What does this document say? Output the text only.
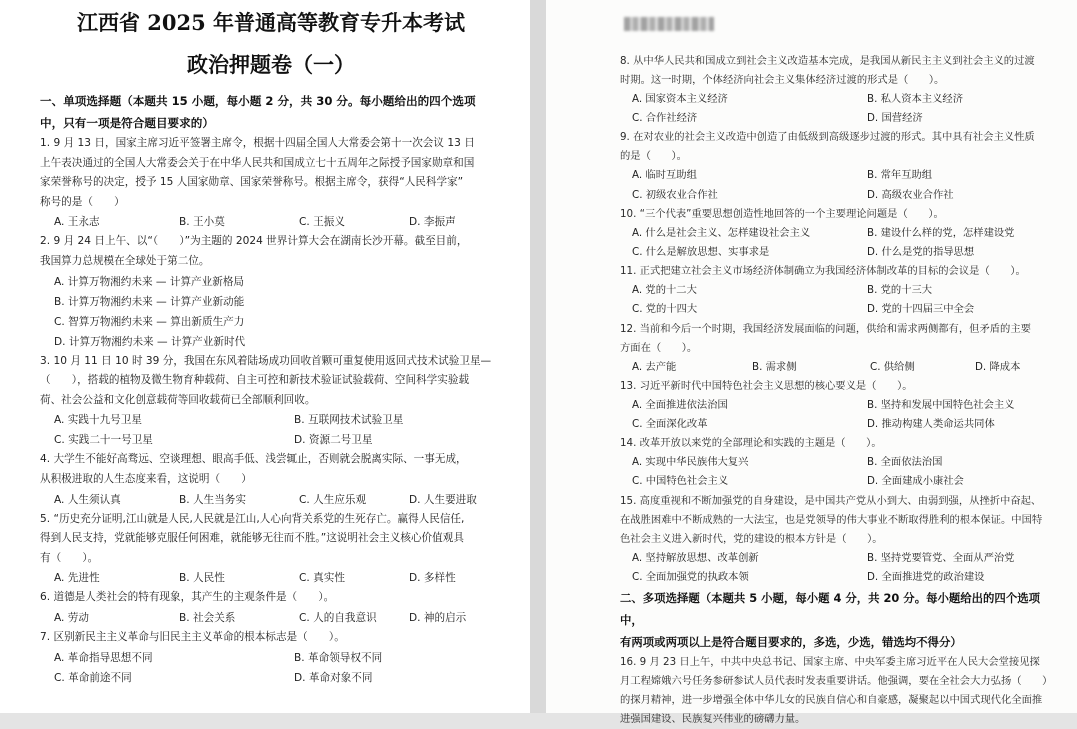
江西省 2025 年普通高等教育专升本考试
政治押题卷（一）
一、单项选择题（本题共 15 小题，每小题 2 分，共 30 分。每小题给出的四个选项
中，只有一项是符合题目要求的）
1. 9 月 13 日，国家主席习近平签署主席令，根据十四届全国人大常委会第十一次会议 13 日
上午表决通过的全国人大常委会关于在中华人民共和国成立七十五周年之际授予国家勋章和国
家荣誉称号的决定，授予 15 人国家勋章、国家荣誉称号。根据主席令，获得“人民科学家”
称号的是（　　）
A. 王永志	B. 王小莫	C. 王振义	D. 李振声
2. 9 月 24 日上午、以“（　　）”为主题的 2024 世界计算大会在湖南长沙开幕。截至目前，
我国算力总规模在全球处于第二位。
A. 计算万物湘约未来 — 计算产业新格局
B. 计算万物湘约未来 — 计算产业新动能
C. 智算万物湘约未来 — 算出新质生产力
D. 计算万物湘约未来 — 计算产业新时代
3. 10 月 11 日 10 时 39 分，我国在东风着陆场成功回收首颗可重复使用返回式技术试验卫星—
（　　），搭载的植物及微生物育种载荷、自主可控和新技术验证试验载荷、空间科学实验载
荷、社会公益和文化创意载荷等回收载荷已全部顺利回收。
A. 实践十九号卫星	B. 互联网技术试验卫星
C. 实践二十一号卫星	D. 资源二号卫星
4. 大学生不能好高骛远、空谈理想、眼高手低、浅尝辄止，否则就会脱离实际、一事无成，
从积极进取的人生态度来看，这说明（　　）
A. 人生须认真	B. 人生当务实	C. 人生应乐观	D. 人生要进取
5. “历史充分证明,江山就是人民,人民就是江山,人心向背关系党的生死存亡。赢得人民信任,
得到人民支持，党就能够克服任何困难，就能够无往而不胜。”这说明社会主义核心价值观具
有（　　）。
A. 先进性	B. 人民性	C. 真实性	D. 多样性
6. 道德是人类社会的特有现象，其产生的主观条件是（　　）。
A. 劳动	B. 社会关系	C. 人的自我意识	D. 神的启示
7. 区别新民主主义革命与旧民主主义革命的根本标志是（　　）。
A. 革命指导思想不同	B. 革命领导权不同
C. 革命前途不同	D. 革命对象不同
8. 从中华人民共和国成立到社会主义改造基本完成，是我国从新民主主义到社会主义的过渡
时期。这一时期，个体经济向社会主义集体经济过渡的形式是（　　）。
A. 国家资本主义经济	B. 私人资本主义经济
C. 合作社经济	D. 国营经济
9. 在对农业的社会主义改造中创造了由低级到高级逐步过渡的形式。其中具有社会主义性质
的是（　　）。
A. 临时互助组	B. 常年互助组
C. 初级农业合作社	D. 高级农业合作社
10. “三个代表”重要思想创造性地回答的一个主要理论问题是（　　）。
A. 什么是社会主义、怎样建设社会主义	B. 建设什么样的党，怎样建设党
C. 什么是解放思想、实事求是	D. 什么是党的指导思想
11. 正式把建立社会主义市场经济体制确立为我国经济体制改革的目标的会议是（　　）。
A. 党的十二大	B. 党的十三大
C. 党的十四大	D. 党的十四届三中全会
12. 当前和今后一个时期，我国经济发展面临的问题，供给和需求两侧都有，但矛盾的主要
方面在（　　）。
A. 去产能	B. 需求侧	C. 供给侧	D. 降成本
13. 习近平新时代中国特色社会主义思想的核心要义是（　　）。
A. 全面推进依法治国	B. 坚持和发展中国特色社会主义
C. 全面深化改革	D. 推动构建人类命运共同体
14. 改革开放以来党的全部理论和实践的主题是（　　）。
A. 实现中华民族伟大复兴	B. 全面依法治国
C. 中国特色社会主义	D. 全面建成小康社会
15. 高度重视和不断加强党的自身建设，是中国共产党从小到大、由弱到强，从挫折中奋起、
在战胜困难中不断成熟的一大法宝，也是党领导的伟大事业不断取得胜利的根本保证。中国特
色社会主义进入新时代，党的建设的根本方针是（　　）。
A. 坚持解放思想、改革创新	B. 坚持党要管党、全面从严治党
C. 全面加强党的执政本领	D. 全面推进党的政治建设
二、多项选择题（本题共 5 小题，每小题 4 分，共 20 分。每小题给出的四个选项中，
有两项或两项以上是符合题目要求的，多选，少选，错选均不得分）
16. 9 月 23 日上午，中共中央总书记、国家主席、中央军委主席习近平在人民大会堂接见探
月工程嫦娥六号任务参研参试人员代表时发表重要讲话。他强调，要在全社会大力弘扬（　　）
的探月精神，进一步增强全体中华儿女的民族自信心和自豪感，凝聚起以中国式现代化全面推
进强国建设、民族复兴伟业的磅礴力量。
